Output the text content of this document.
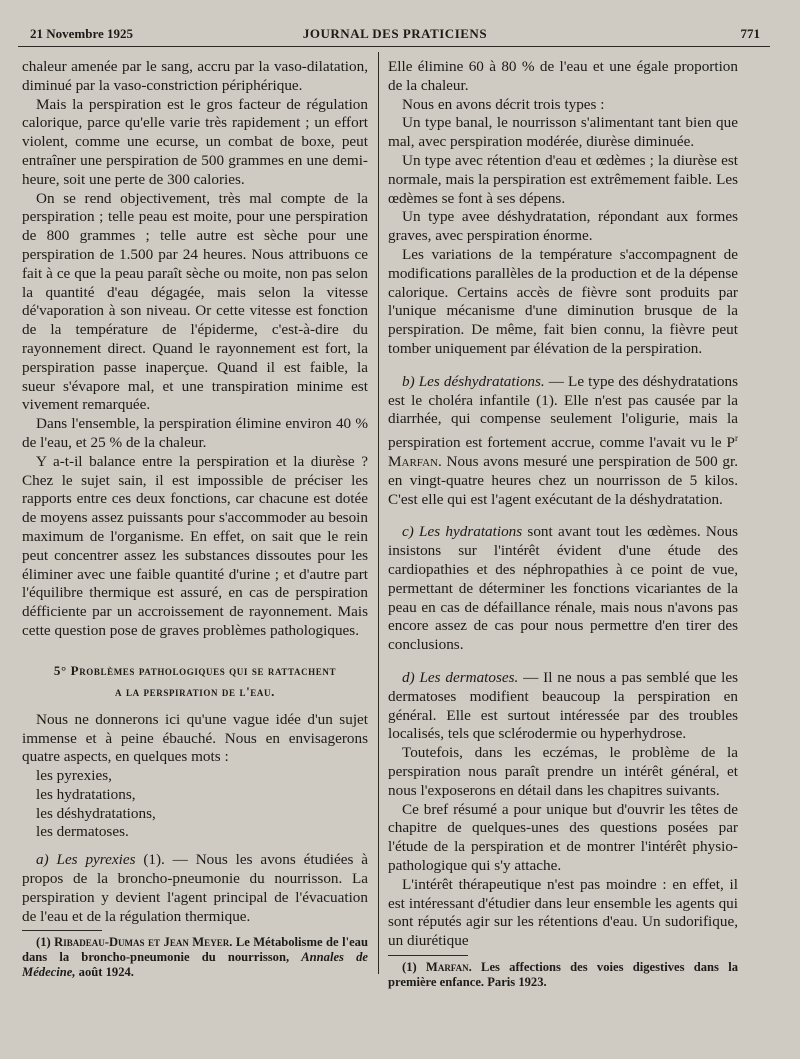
21 Novembre 1925	JOURNAL DES PRATICIENS	771

chaleur amenée par le sang, accru par la vaso-dilatation, diminué par la vaso-constriction périphérique.

Mais la perspiration est le gros facteur de régulation calorique, parce qu'elle varie très rapidement ; un effort violent, comme une ecurse, un combat de boxe, peut entraîner une perspiration de 500 grammes en une demi-heure, soit une perte de 300 calories.

On se rend objectivement, très mal compte de la perspiration ; telle peau est moite, pour une perspiration de 800 grammes ; telle autre est sèche pour une perspiration de 1.500 par 24 heures. Nous attribuons ce fait à ce que la peau paraît sèche ou moite, non pas selon la quantité d'eau dégagée, mais selon la vitesse dé'vaporation à son niveau. Or cette vitesse est fonction de la température de l'épiderme, c'est-à-dire du rayonnement direct. Quand le rayonnement est fort, la perspiration passe inaperçue. Quand il est faible, la sueur s'évapore mal, et une transpiration minime est vivement remarquée.

Dans l'ensemble, la perspiration élimine environ 40 % de l'eau, et 25 % de la chaleur.

Y a-t-il balance entre la perspiration et la diurèse ? Chez le sujet sain, il est impossible de préciser les rapports entre ces deux fonctions, car chacune est dotée de moyens assez puissants pour s'accommoder au besoin maximum de l'organisme. En effet, on sait que le rein peut concentrer assez les substances dissoutes pour les éliminer avec une faible quantité d'urine ; et d'autre part l'équilibre thermique est assuré, en cas de perspiration défficiente par un accroissement de rayonnement. Mais cette question pose de graves problèmes pathologiques.

5° Problèmes pathologiques qui se rattachent
a la perspiration de l'eau.

Nous ne donnerons ici qu'une vague idée d'un sujet immense et à peine ébauché. Nous en envisagerons quatre aspects, en quelques mots :

les pyrexies,
les hydratations,
les déshydratations,
les dermatoses.

a) Les pyrexies (1). — Nous les avons étudiées à propos de la broncho-pneumonie du nourrisson. La perspiration y devient l'agent principal de l'évacuation de l'eau et de la régulation thermique.

(1) Ribadeau-Dumas et Jean Meyer. Le Métabolisme de l'eau dans la broncho-pneumonie du nourrisson, Annales de Médecine, août 1924.

Elle élimine 60 à 80 % de l'eau et une égale proportion de la chaleur.

Nous en avons décrit trois types :

Un type banal, le nourrisson s'alimentant tant bien que mal, avec perspiration modérée, diurèse diminuée.

Un type avec rétention d'eau et œdèmes ; la diurèse est normale, mais la perspiration est extrêmement faible. Les œdèmes se font à ses dépens.

Un type avee déshydratation, répondant aux formes graves, avec perspiration énorme.

Les variations de la température s'accompagnent de modifications parallèles de la production et de la dépense calorique. Certains accès de fièvre sont produits par l'unique mécanisme d'une diminution brusque de la perspiration. De même, fait bien connu, la fièvre peut tomber uniquement par élévation de la perspiration.

b) Les déshydratations. — Le type des déshydratations est le choléra infantile (1). Elle n'est pas causée par la diarrhée, qui compense seulement l'oligurie, mais la perspiration est fortement accrue, comme l'avait vu le $P^r$ Marfan. Nous avons mesuré une perspiration de 500 gr. en vingt-quatre heures chez un nourrisson de 5 kilos. C'est elle qui est l'agent exécutant de la déshydratation.

c) Les hydratations sont avant tout les œdèmes. Nous insistons sur l'intérêt évident d'une étude des cardiopathies et des néphropathies à ce point de vue, permettant de déterminer les fonctions vicariantes de la peau en cas de défaillance rénale, mais nous n'avons pas encore assez de cas pour nous permettre d'en tirer des conclusions.

d) Les dermatoses. — Il ne nous a pas semblé que les dermatoses modifient beaucoup la perspiration en général. Elle est surtout intéressée par des troubles localisés, tels que sclérodermie ou hyperhydrose.

Toutefois, dans les eczémas, le problème de la perspiration nous paraît prendre un intérêt général, et nous l'exposerons en détail dans les chapitres suivants.

Ce bref résumé a pour unique but d'ouvrir les têtes de chapitre de quelques-unes des questions posées par l'étude de la perspiration et de montrer l'intérêt physio-pathologique qui s'y attache.

L'intérêt thérapeutique n'est pas moindre : en effet, il est intéressant d'étudier dans leur ensemble les agents qui sont réputés agir sur les rétentions d'eau. Un sudorifique, un diurétique

(1) Marfan. Les affections des voies digestives dans la première enfance. Paris 1923.
